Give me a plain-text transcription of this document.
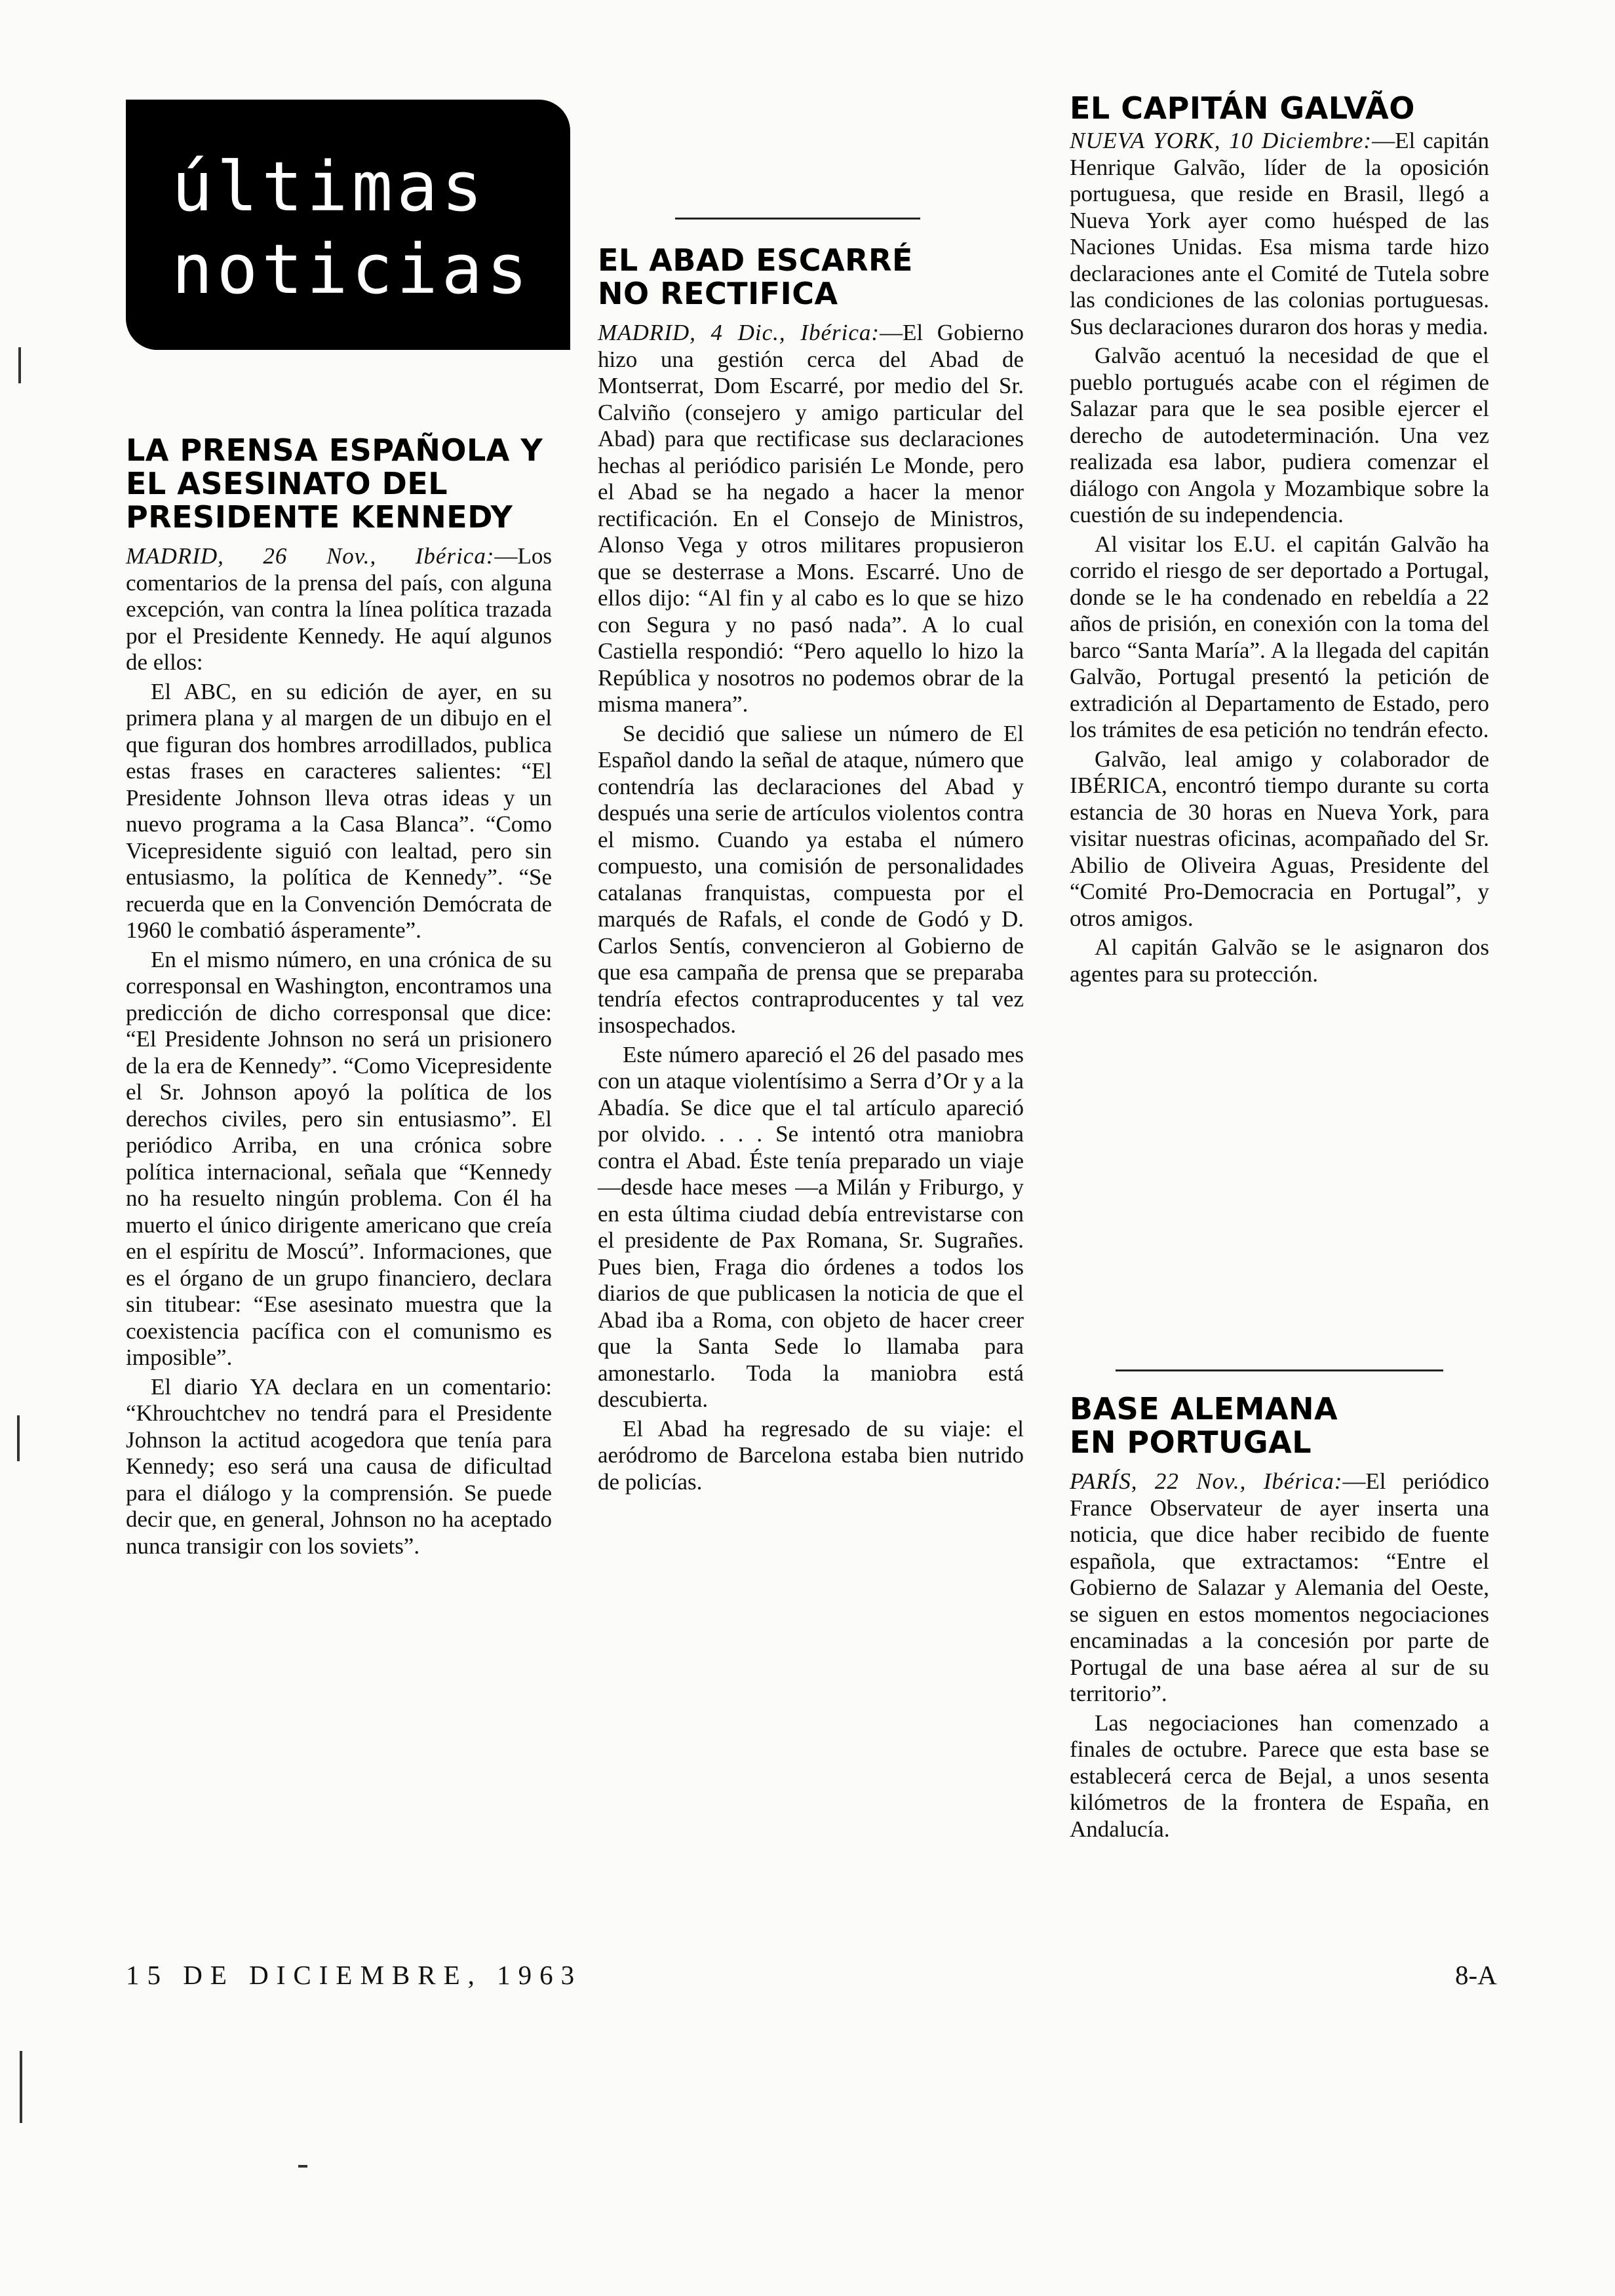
últimas
noticias
LA PRENSA ESPAÑOLA Y
EL ASESINATO DEL
PRESIDENTE KENNEDY

MADRID, 26 Nov., Ibérica:—Los comentarios de la prensa del país, con alguna excepción, van contra la línea política trazada por el Presidente Kennedy. He aquí algunos de ellos:

El ABC, en su edición de ayer, en su primera plana y al margen de un dibujo en el que figuran dos hombres arrodillados, publica estas frases en caracteres salientes: “El Presidente Johnson lleva otras ideas y un nuevo programa a la Casa Blanca”. “Como Vicepresidente siguió con lealtad, pero sin entusiasmo, la política de Kennedy”. “Se recuerda que en la Convención Demócrata de 1960 le combatió ásperamente”.

En el mismo número, en una crónica de su corresponsal en Washington, encontramos una predicción de dicho corresponsal que dice: “El Presidente Johnson no será un prisionero de la era de Kennedy”. “Como Vicepresidente el Sr. Johnson apoyó la política de los derechos civiles, pero sin entusiasmo”. El periódico Arriba, en una crónica sobre política internacional, señala que “Kennedy no ha resuelto ningún problema. Con él ha muerto el único dirigente americano que creía en el espíritu de Moscú”. Informaciones, que es el órgano de un grupo financiero, declara sin titubear: “Ese asesinato muestra que la coexistencia pacífica con el comunismo es imposible”.

El diario YA declara en un comentario: “Khrouchtchev no tendrá para el Presidente Johnson la actitud acogedora que tenía para Kennedy; eso será una causa de dificultad para el diálogo y la comprensión. Se puede decir que, en general, Johnson no ha aceptado nunca transigir con los soviets”.

EL ABAD ESCARRÉ
NO RECTIFICA

MADRID, 4 Dic., Ibérica:—El Gobierno hizo una gestión cerca del Abad de Montserrat, Dom Escarré, por medio del Sr. Calviño (consejero y amigo particular del Abad) para que rectificase sus declaraciones hechas al periódico parisién Le Monde, pero el Abad se ha negado a hacer la menor rectificación. En el Consejo de Ministros, Alonso Vega y otros militares propusieron que se desterrase a Mons. Escarré. Uno de ellos dijo: “Al fin y al cabo es lo que se hizo con Segura y no pasó nada”. A lo cual Castiella respondió: “Pero aquello lo hizo la República y nosotros no podemos obrar de la misma manera”.

Se decidió que saliese un número de El Español dando la señal de ataque, número que contendría las declaraciones del Abad y después una serie de artículos violentos contra el mismo. Cuando ya estaba el número compuesto, una comisión de personalidades catalanas franquistas, compuesta por el marqués de Rafals, el conde de Godó y D. Carlos Sentís, convencieron al Gobierno de que esa campaña de prensa que se preparaba tendría efectos contraproducentes y tal vez insospechados.

Este número apareció el 26 del pasado mes con un ataque violentísimo a Serra d’Or y a la Abadía. Se dice que el tal artículo apareció por olvido. . . . Se intentó otra maniobra contra el Abad. Éste tenía preparado un viaje—desde hace meses —a Milán y Friburgo, y en esta última ciudad debía entrevistarse con el presidente de Pax Romana, Sr. Sugrañes. Pues bien, Fraga dio órdenes a todos los diarios de que publicasen la noticia de que el Abad iba a Roma, con objeto de hacer creer que la Santa Sede lo llamaba para amonestarlo. Toda la maniobra está descubierta.

El Abad ha regresado de su viaje: el aeródromo de Barcelona estaba bien nutrido de policías.

EL CAPITÁN GALVÃO

NUEVA YORK, 10 Diciembre:—El capitán Henrique Galvão, líder de la oposición portuguesa, que reside en Brasil, llegó a Nueva York ayer como huésped de las Naciones Unidas. Esa misma tarde hizo declaraciones ante el Comité de Tutela sobre las condiciones de las colonias portuguesas. Sus declaraciones duraron dos horas y media.

Galvão acentuó la necesidad de que el pueblo portugués acabe con el régimen de Salazar para que le sea posible ejercer el derecho de autodeterminación. Una vez realizada esa labor, pudiera comenzar el diálogo con Angola y Mozambique sobre la cuestión de su independencia.

Al visitar los E.U. el capitán Galvão ha corrido el riesgo de ser deportado a Portugal, donde se le ha condenado en rebeldía a 22 años de prisión, en conexión con la toma del barco “Santa María”. A la llegada del capitán Galvão, Portugal presentó la petición de extradición al Departamento de Estado, pero los trámites de esa petición no tendrán efecto.

Galvão, leal amigo y colaborador de IBÉRICA, encontró tiempo durante su corta estancia de 30 horas en Nueva York, para visitar nuestras oficinas, acompañado del Sr. Abilio de Oliveira Aguas, Presidente del “Comité Pro-Democracia en Portugal”, y otros amigos.

Al capitán Galvão se le asignaron dos agentes para su protección.

BASE ALEMANA
EN PORTUGAL

PARÍS, 22 Nov., Ibérica:—El periódico France Observateur de ayer inserta una noticia, que dice haber recibido de fuente española, que extractamos: “Entre el Gobierno de Salazar y Alemania del Oeste, se siguen en estos momentos negociaciones encaminadas a la concesión por parte de Portugal de una base aérea al sur de su territorio”.

Las negociaciones han comenzado a finales de octubre. Parece que esta base se establecerá cerca de Bejal, a unos sesenta kilómetros de la frontera de España, en Andalucía.

15 DE DICIEMBRE, 1963	8-A
